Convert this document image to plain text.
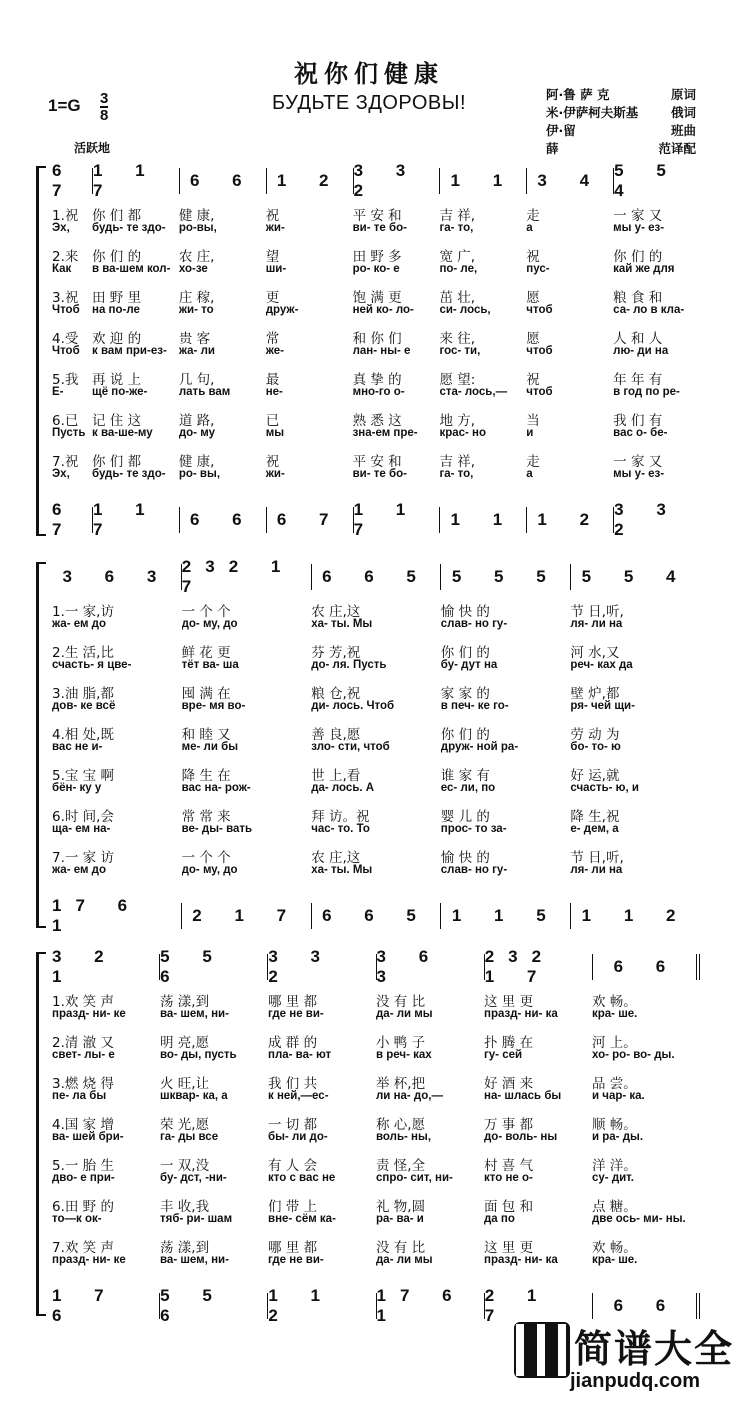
祝你们健康
БУДЬТЕ ЗДОРОВЫ!
1=G 3
8
活跃地
阿·鲁 萨 克	原词
米·伊萨柯夫斯基	俄词
伊·留	班曲
薛	范译配
6 7
1 1 7
6 6 1 2
3 3 2
1 1 3 4
5 5 4
1.祝	你 们 都	健 康,	祝	平 安 和	吉 祥,	走	一 家 又
Эх,	будь- те здо-	ро-вы,	жи-	ви- те бо-	га- то,	а	мы у- ез-
2.来	你 们 的	农 庄,	望	田 野 多	宽 广,	祝	你 们 的
Как	в ва-шем кол- хо-зе	ши-	ро- ко- е	по- ле,	пус-	кай же для
3.祝	田 野 里	庄 稼,	更	饱 满 更	茁 壮,	愿	粮 食 和
Чтоб	на по-ле	жи- то	друж-	ней ко- ло-	си- лось,	чтоб	са- ло в кла-
4.受	欢 迎 的	贵 客	常	和 你 们	来 往,	愿	人 和 人
Чтоб	к вам при-ез-	жа- ли	же-	лан- ны- е	гос- ти,	чтоб	лю- ди на
5.我	再 说 上	几 句,	最	真 挚 的	愿 望:	祝	年 年 有
Е-	щё по-же-	лать вам	не-	мно-го о-	ста- лось,—	чтоб	в год по ре-
6.已	记 住 这	道 路,	已	熟 悉 这	地 方,	当	我 们 有
Пусть к ва-ше-му	до- му	мы	зна-ем пре-	крас- но	и	вас о- бе-
7.祝	你 们 都	健 康,	祝	平 安 和	吉 祥,	走	一 家 又
Эх,	будь- те здо-	ро- вы,	жи-	ви- те бо-	га- то,	а	мы у- ез-
6 7
1 1 7
6 6 6 7
1 1 7
1 1 1 2
3 3 2
3 6 3
232 1 7
6 6 5 5 5 5 5 5 4
1.一 家,访	一 个 个	农 庄,这	愉 快 的	节 日,听,
жа- ем до	до- му, до	ха- ты. Мы	слав- но гу-	ля- ли на
2.生 活,比	鲜 花 更	芬 芳,祝	你 们 的	河 水,又
счасть- я цве-	тёт ва- ша	до- ля. Пусть	бу- дут на	реч- ках да
3.油 脂,都	囤 满 在	粮 仓,祝	家 家 的	壁 炉,都
дов- ке всё	вре- мя во-	ди- лось. Чтоб	в печ- ке го-	ря- чей щи-
4.相 处,既	和 睦 又	善 良,愿	你 们 的	劳 动 为
вас не и-	ме- ли бы	зло- сти, чтоб	друж- ной ра-	бо- то- ю
5.宝 宝 啊	降 生 在	世 上,看	谁 家 有	好 运,就
бён- ку у	вас на- рож-	да- лось. А	ес- ли, по	счасть- ю, и
6.时 间,会	常 常 来	拜 访。祝	婴 儿 的	降 生,祝
ща- ем на-	ве- ды- вать	час- то. То	прос- то за-	е- дем, а
7.一 家 访	一 个 个	农 庄,这	愉 快 的	节 日,听,
жа- ем до	до- му, до	ха- ты. Мы	слав- но гу-	ля- ли на
17 6 1
2 1 7 6 6 5 1 1 5 1 1 2
3 2 1
5 5 6
3 3 2
3 6 3
232 1 7
6 6
1.欢 笑 声	荡 漾,到	哪 里 都	没 有 比	这 里 更	欢 畅。
празд- ни- ке	ва- шем, ни-	где не ви-	да- ли мы	празд- ни- ка	кра- ше.
2.清 澈 又	明 亮,愿	成 群 的	小 鸭 子	扑 腾 在	河 上。
свет- лы- е	во- ды, пусть	пла- ва- ют	в реч- ках	гу- сей	хо- ро- во- ды.
3.燃 烧 得	火 旺,让	我 们 共	举 杯,把	好 酒 来	品 尝。
пе- ла бы	шквар- ка, а	к ней,—ес-	ли на- до,—	на- шлась бы	и чар- ка.
4.国 家 增	荣 光,愿	一 切 都	称 心,愿	万 事 都	顺 畅。
ва- шей бри-	га- ды все	бы- ли до-	воль- ны,	до- воль- ны	и ра- ды.
5.一 胎 生	一 双,没	有 人 会	责 怪,全	村 喜 气	洋 洋。
дво- е при-	бу- дст, -ни-	кто с вас не	спро- сит, ни-	кто не о-	су- дит.
6.田 野 的	丰 收,我	们 带 上	礼 物,圆	面 包 和	点 糖。
то—к ок-	тяб- ри- шам	вне- сём ка-	ра- ва- и	да по	две ось- ми- ны.
7.欢 笑 声	荡 漾,到	哪 里 都	没 有 比	这 里 更	欢 畅。
празд- ни- ке	ва- шем, ни-	где не ви-	да- ли мы	празд- ни- ка	кра- ше.
1 7 6
5 5 6
1 1 2
17 6 1
2 1 7
6 6
简谱大全
jianpudq.com
